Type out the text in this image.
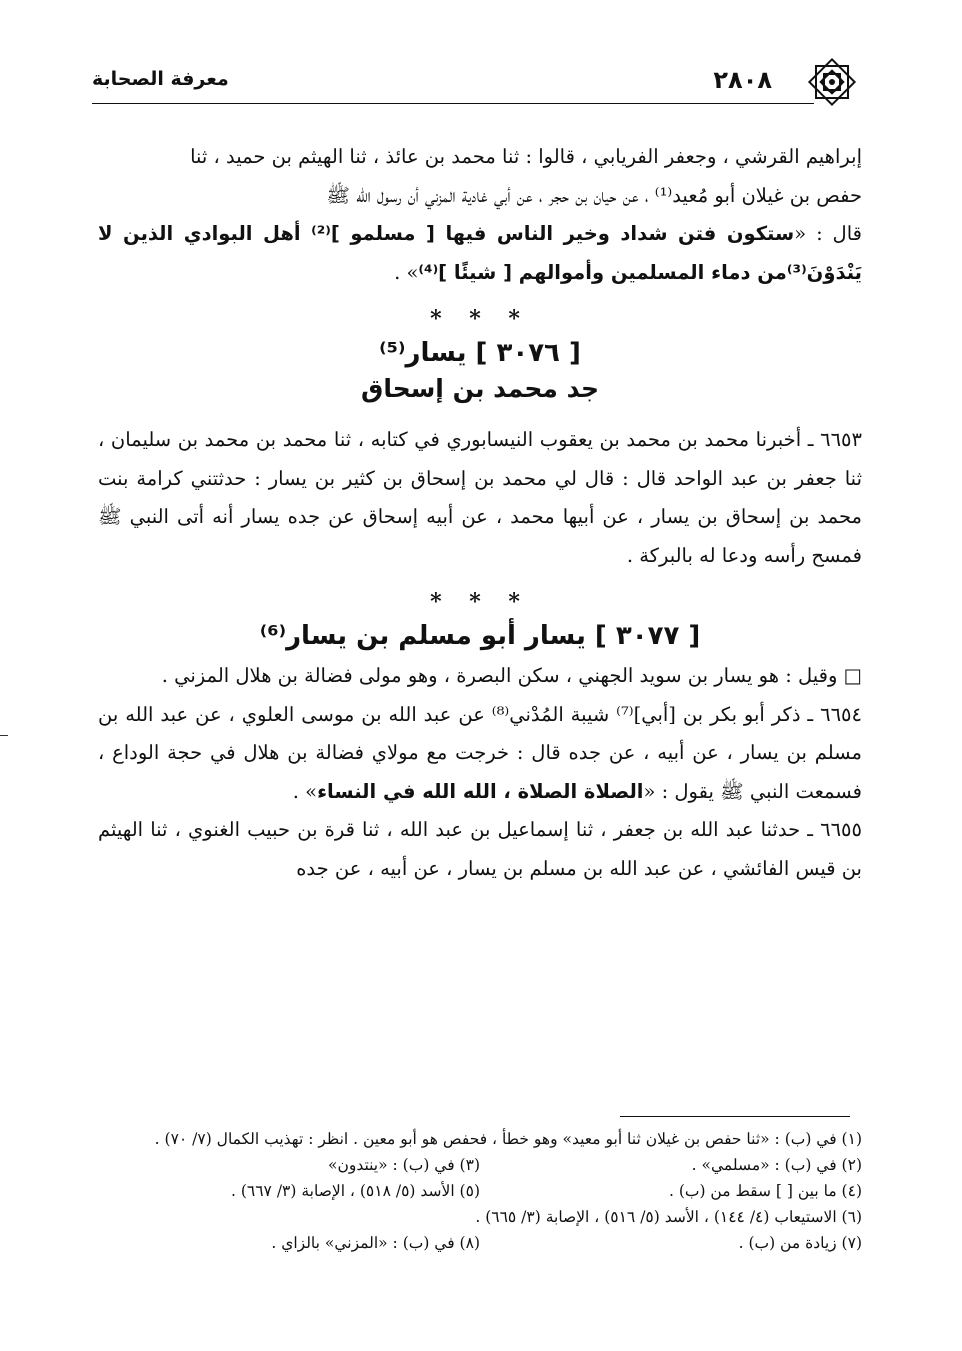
معرفة الصحابة	٢٨٠٨

إبراهيم القرشي ، وجعفر الفريابي ، قالوا : ثنا محمد بن عائذ ، ثنا الهيثم بن حميد ، ثنا

حفص بن غيلان أبو مُعيد⁽¹⁾ ، عن حيان بن حجر ، عن أبي غادية المزني أن رسول الله ﷺ

قال : «ستكون فتن شداد وخير الناس فيها [ مسلمو ]⁽²⁾ أهل البوادي الذين لا يَنْدَوْنَ⁽³⁾من دماء المسلمين وأموالهم [ شيئًا ]⁽⁴⁾» .

* * *
[ ٣٠٧٦ ] يسار⁽⁵⁾
جد محمد بن إسحاق

٦٦٥٣ ـ أخبرنا محمد بن محمد بن يعقوب النيسابوري في كتابه ، ثنا محمد بن محمد بن سليمان ، ثنا جعفر بن عبد الواحد قال : قال لي محمد بن إسحاق بن كثير بن يسار : حدثتني كرامة بنت محمد بن إسحاق بن يسار ، عن أبيها محمد ، عن أبيه إسحاق عن جده يسار أنه أتى النبي ﷺ فمسح رأسه ودعا له بالبركة .

* * *
[ ٣٠٧٧ ] يسار أبو مسلم بن يسار⁽⁶⁾

□ وقيل : هو يسار بن سويد الجهني ، سكن البصرة ، وهو مولى فضالة بن هلال المزني .

٦٦٥٤ ـ ذكر أبو بكر بن [أبي]⁽⁷⁾ شيبة المُدْني⁽⁸⁾ عن عبد الله بن موسى العلوي ، عن عبد الله بن مسلم بن يسار ، عن أبيه ، عن جده قال : خرجت مع مولاي فضالة بن هلال في حجة الوداع ، فسمعت النبي ﷺ يقول : «الصلاة الصلاة ، الله الله في النساء» .

٦٦٥٥ ـ حدثنا عبد الله بن جعفر ، ثنا إسماعيل بن عبد الله ، ثنا قرة بن حبيب الغنوي ، ثنا الهيثم بن قيس الفائشي ، عن عبد الله بن مسلم بن يسار ، عن أبيه ، عن جده

(١) في (ب) : «ثنا حفص بن غيلان ثنا أبو معيد» وهو خطأ ، فحفص هو أبو معين . انظر : تهذيب الكمال (٧/ ٧٠) .
(٢) في (ب) : «مسلمي» .
(٣) في (ب) : «ينتدون»
(٤) ما بين [ ] سقط من (ب) .
(٥) الأسد (٥/ ٥١٨) ، الإصابة (٣/ ٦٦٧) .
(٦) الاستيعاب (٤/ ١٤٤) ، الأسد (٥/ ٥١٦) ، الإصابة (٣/ ٦٦٥) .
(٧) زيادة من (ب) .
(٨) في (ب) : «المزني» بالزاي .
